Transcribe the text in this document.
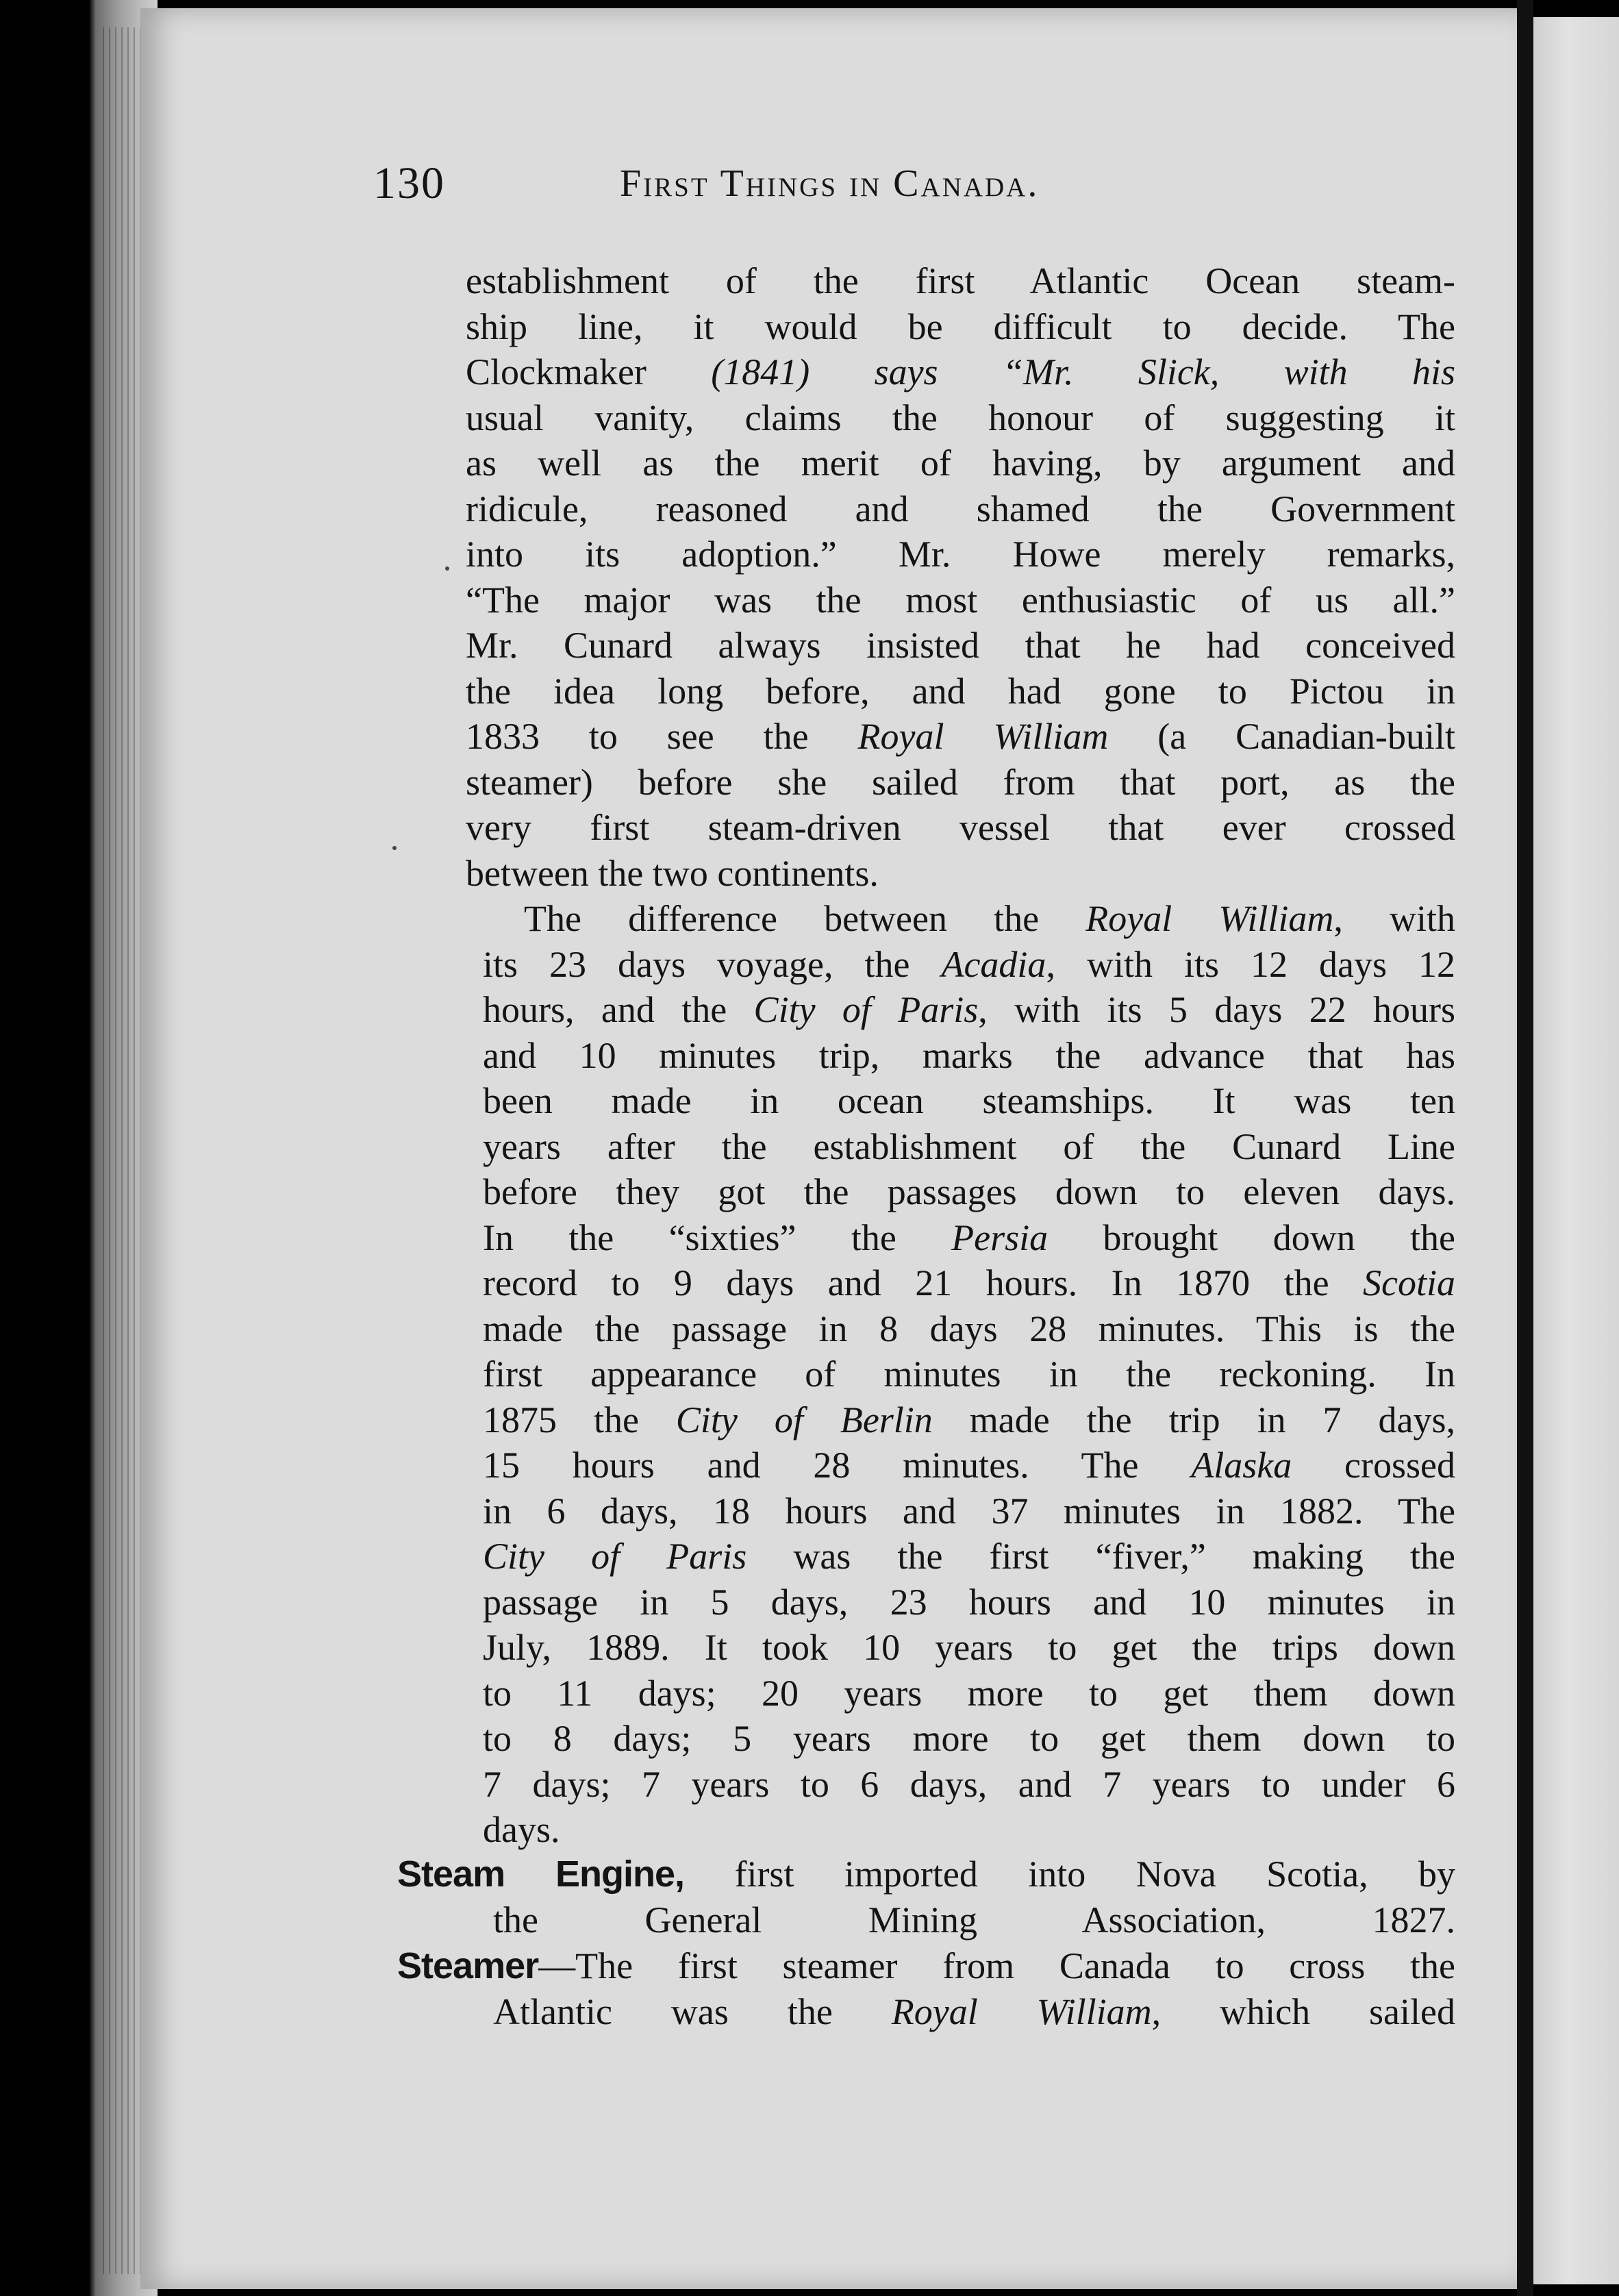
130	First Things in Canada.
establishment of the first Atlantic Ocean steam-
ship line, it would be difficult to decide. The
Clockmaker (1841) says “Mr. Slick, with his
usual vanity, claims the honour of suggesting it
as well as the merit of having, by argument and
ridicule, reasoned and shamed the Government
into its adoption.” Mr. Howe merely remarks,
“The major was the most enthusiastic of us all.”
Mr. Cunard always insisted that he had conceived
the idea long before, and had gone to Pictou in
1833 to see the Royal William (a Canadian-built
steamer) before she sailed from that port, as the
very first steam-driven vessel that ever crossed
between the two continents.
The difference between the Royal William, with
its 23 days voyage, the Acadia, with its 12 days 12
hours, and the City of Paris, with its 5 days 22 hours
and 10 minutes trip, marks the advance that has
been made in ocean steamships. It was ten
years after the establishment of the Cunard Line
before they got the passages down to eleven days.
In the “sixties” the Persia brought down the
record to 9 days and 21 hours. In 1870 the Scotia
made the passage in 8 days 28 minutes. This is the
first appearance of minutes in the reckoning. In
1875 the City of Berlin made the trip in 7 days,
15 hours and 28 minutes. The Alaska crossed
in 6 days, 18 hours and 37 minutes in 1882. The
City of Paris was the first “fiver,” making the
passage in 5 days, 23 hours and 10 minutes in
July, 1889. It took 10 years to get the trips down
to 11 days; 20 years more to get them down
to 8 days; 5 years more to get them down to
7 days; 7 years to 6 days, and 7 years to under 6
days.
Steam Engine, first imported into Nova Scotia, by
the General Mining Association, 1827.
Steamer—The first steamer from Canada to cross the
Atlantic was the Royal William, which sailed
